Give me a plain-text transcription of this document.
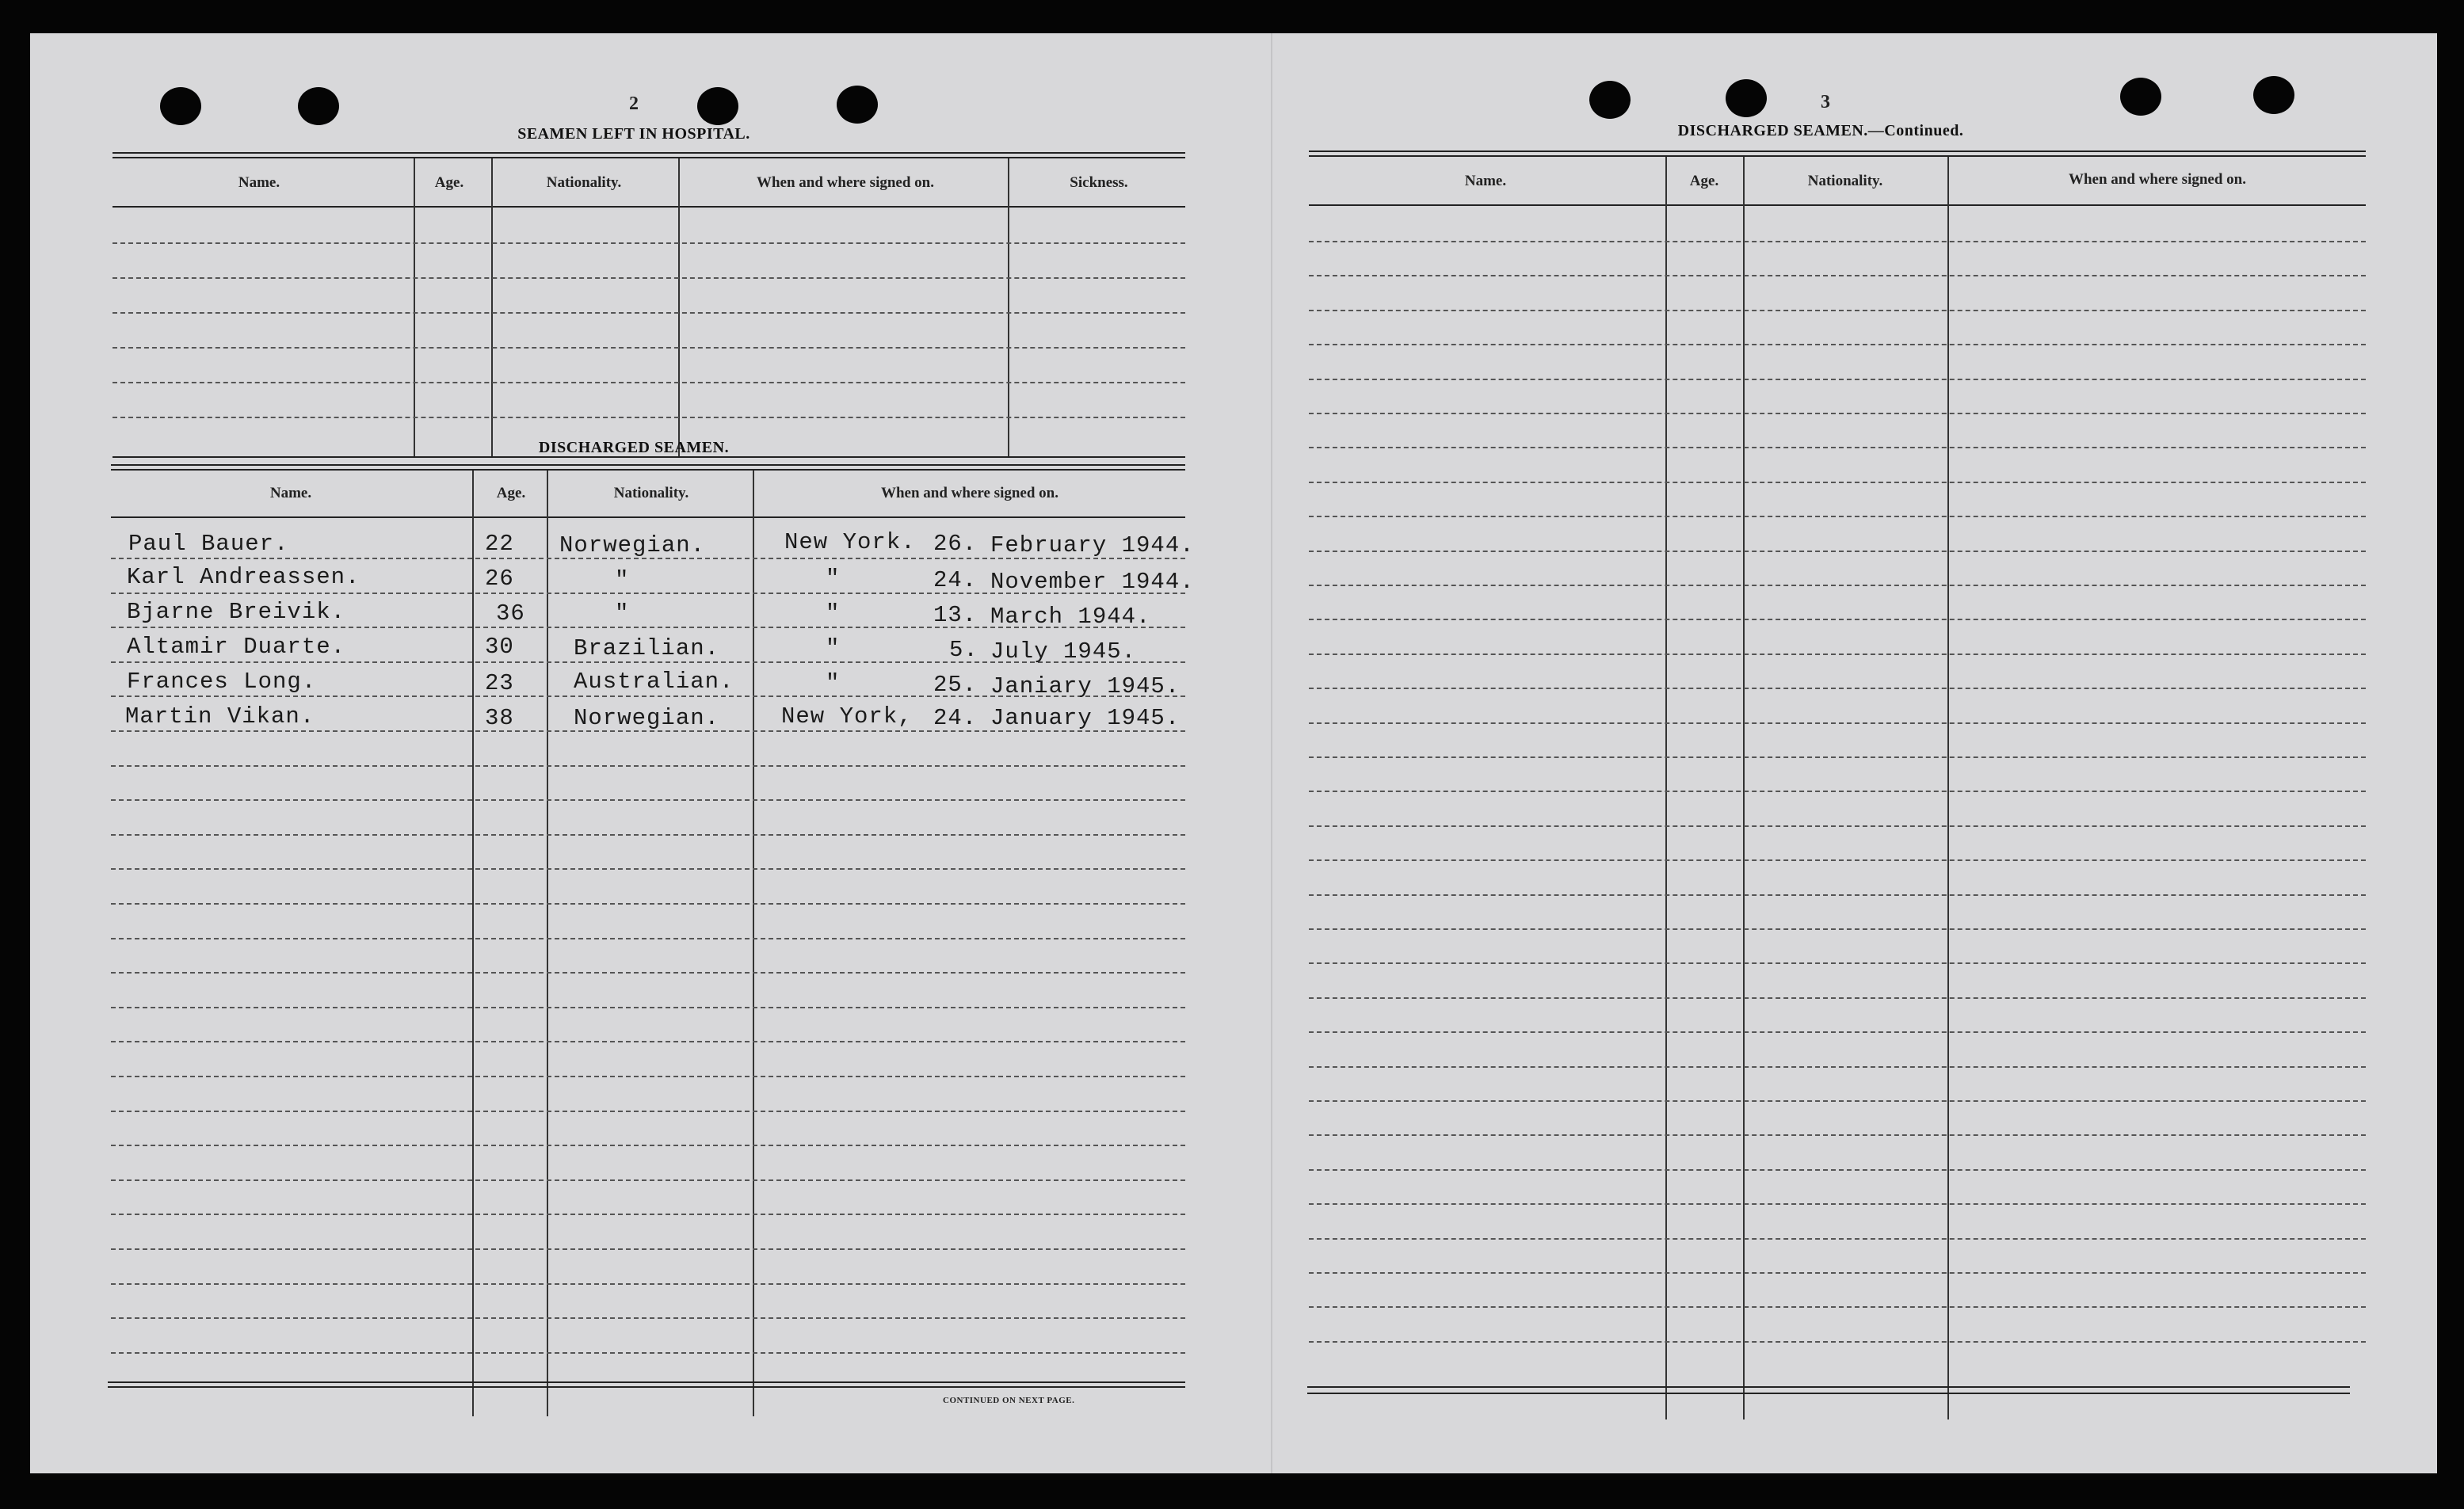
2
SEAMEN LEFT IN HOSPITAL.
Name.	Age.	Nationality.	When and where signed on.	Sickness.
DISCHARGED SEAMEN.
Name.	Age.	Nationality.	When and where signed on.
Paul Bauer.	22 Norwegian.	New York. 26. February 1944.
Karl Andreassen.	26	"	"	24. November 1944.
Bjarne Breivik.	36	"	"	13. March 1944.
Altamir Duarte.	30	Brazilian.	"	5. July 1945.
Frances Long.	23	Australian.	"	25. Janiary 1945.
Martin Vikan.	38	Norwegian.	New York, 24. January 1945.
CONTINUED ON NEXT PAGE.
3
DISCHARGED SEAMEN.—Continued.
Name.	Age.	Nationality.	When and where signed on.
